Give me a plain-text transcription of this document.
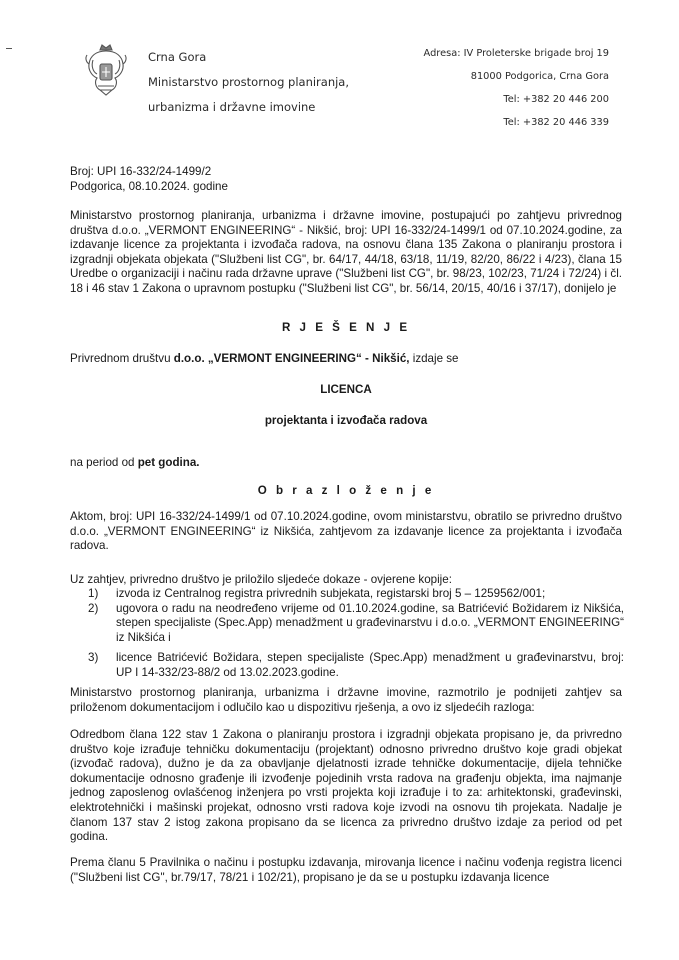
Crna Gora
Ministarstvo prostornog planiranja,
urbanizma i državne imovine
Adresa: IV Proleterske brigade broj 19
81000 Podgorica, Crna Gora
Tel: +382 20 446 200
Tel: +382 20 446 339
Broj: UPI 16-332/24-1499/2
Podgorica, 08.10.2024. godine
Ministarstvo prostornog planiranja, urbanizma i državne imovine, postupajući po zahtjevu privrednog društva d.o.o. „VERMONT ENGINEERING“ - Nikšić, broj: UPI 16-332/24-1499/1 od 07.10.2024.godine, za izdavanje licence za projektanta i izvođača radova, na osnovu člana 135 Zakona o planiranju prostora i izgradnji objekata objekata ("Službeni list CG", br. 64/17, 44/18, 63/18, 11/19, 82/20, 86/22 i 4/23), člana 15 Uredbe o organizaciji i načinu rada državne uprave ("Službeni list CG", br. 98/23, 102/23, 71/24 i 72/24) i čl. 18 i 46 stav 1 Zakona o upravnom postupku ("Službeni list CG", br. 56/14, 20/15, 40/16 i 37/17), donijelo je
R J E Š E N J E
Privrednom društvu d.o.o. „VERMONT ENGINEERING“ - Nikšić, izdaje se
LICENCA
projektanta i izvođača radova
na period od pet godina.
O b r a z l o ž e n j e
Aktom, broj: UPI 16-332/24-1499/1 od 07.10.2024.godine, ovom ministarstvu, obratilo se privredno društvo d.o.o. „VERMONT ENGINEERING“ iz Nikšića, zahtjevom za izdavanje licence za projektanta i izvođača radova.
Uz zahtjev, privredno društvo je priložilo sljedeće dokaze - ovjerene kopije:
1)	izvoda iz Centralnog registra privrednih subjekata, registarski broj 5 – 1259562/001;
2)	ugovora o radu na neodređeno vrijeme od 01.10.2024.godine, sa Batrićević Božidarem iz Nikšića, stepen specijaliste (Spec.App) menadžment u građevinarstvu i d.o.o. „VERMONT ENGINEERING“ iz Nikšića i
3)	licence Batrićević Božidara, stepen specijaliste (Spec.App) menadžment u građevinarstvu, broj: UP I 14-332/23-88/2 od 13.02.2023.godine.
Ministarstvo prostornog planiranja, urbanizma i državne imovine, razmotrilo je podnijeti zahtjev sa priloženom dokumentacijom i odlučilo kao u dispozitivu rješenja, a ovo iz sljedećih razloga:
Odredbom člana 122 stav 1 Zakona o planiranju prostora i izgradnji objekata propisano je, da privredno društvo koje izrađuje tehničku dokumentaciju (projektant) odnosno privredno društvo koje gradi objekat (izvođač radova), dužno je da za obavljanje djelatnosti izrade tehničke dokumentacije, dijela tehničke dokumentacije odnosno građenje ili izvođenje pojedinih vrsta radova na građenju objekta, ima najmanje jednog zaposlenog ovlašćenog inženjera po vrsti projekta koji izrađuje i to za: arhitektonski, građevinski, elektrotehnički i mašinski projekat, odnosno vrsti radova koje izvodi na osnovu tih projekata. Nadalje je članom 137 stav 2 istog zakona propisano da se licenca za privredno društvo izdaje za period od pet godina.
Prema članu 5 Pravilnika o načinu i postupku izdavanja, mirovanja licence i načinu vođenja registra licenci ("Službeni list CG", br.79/17, 78/21 i 102/21), propisano je da se u postupku izdavanja licence
